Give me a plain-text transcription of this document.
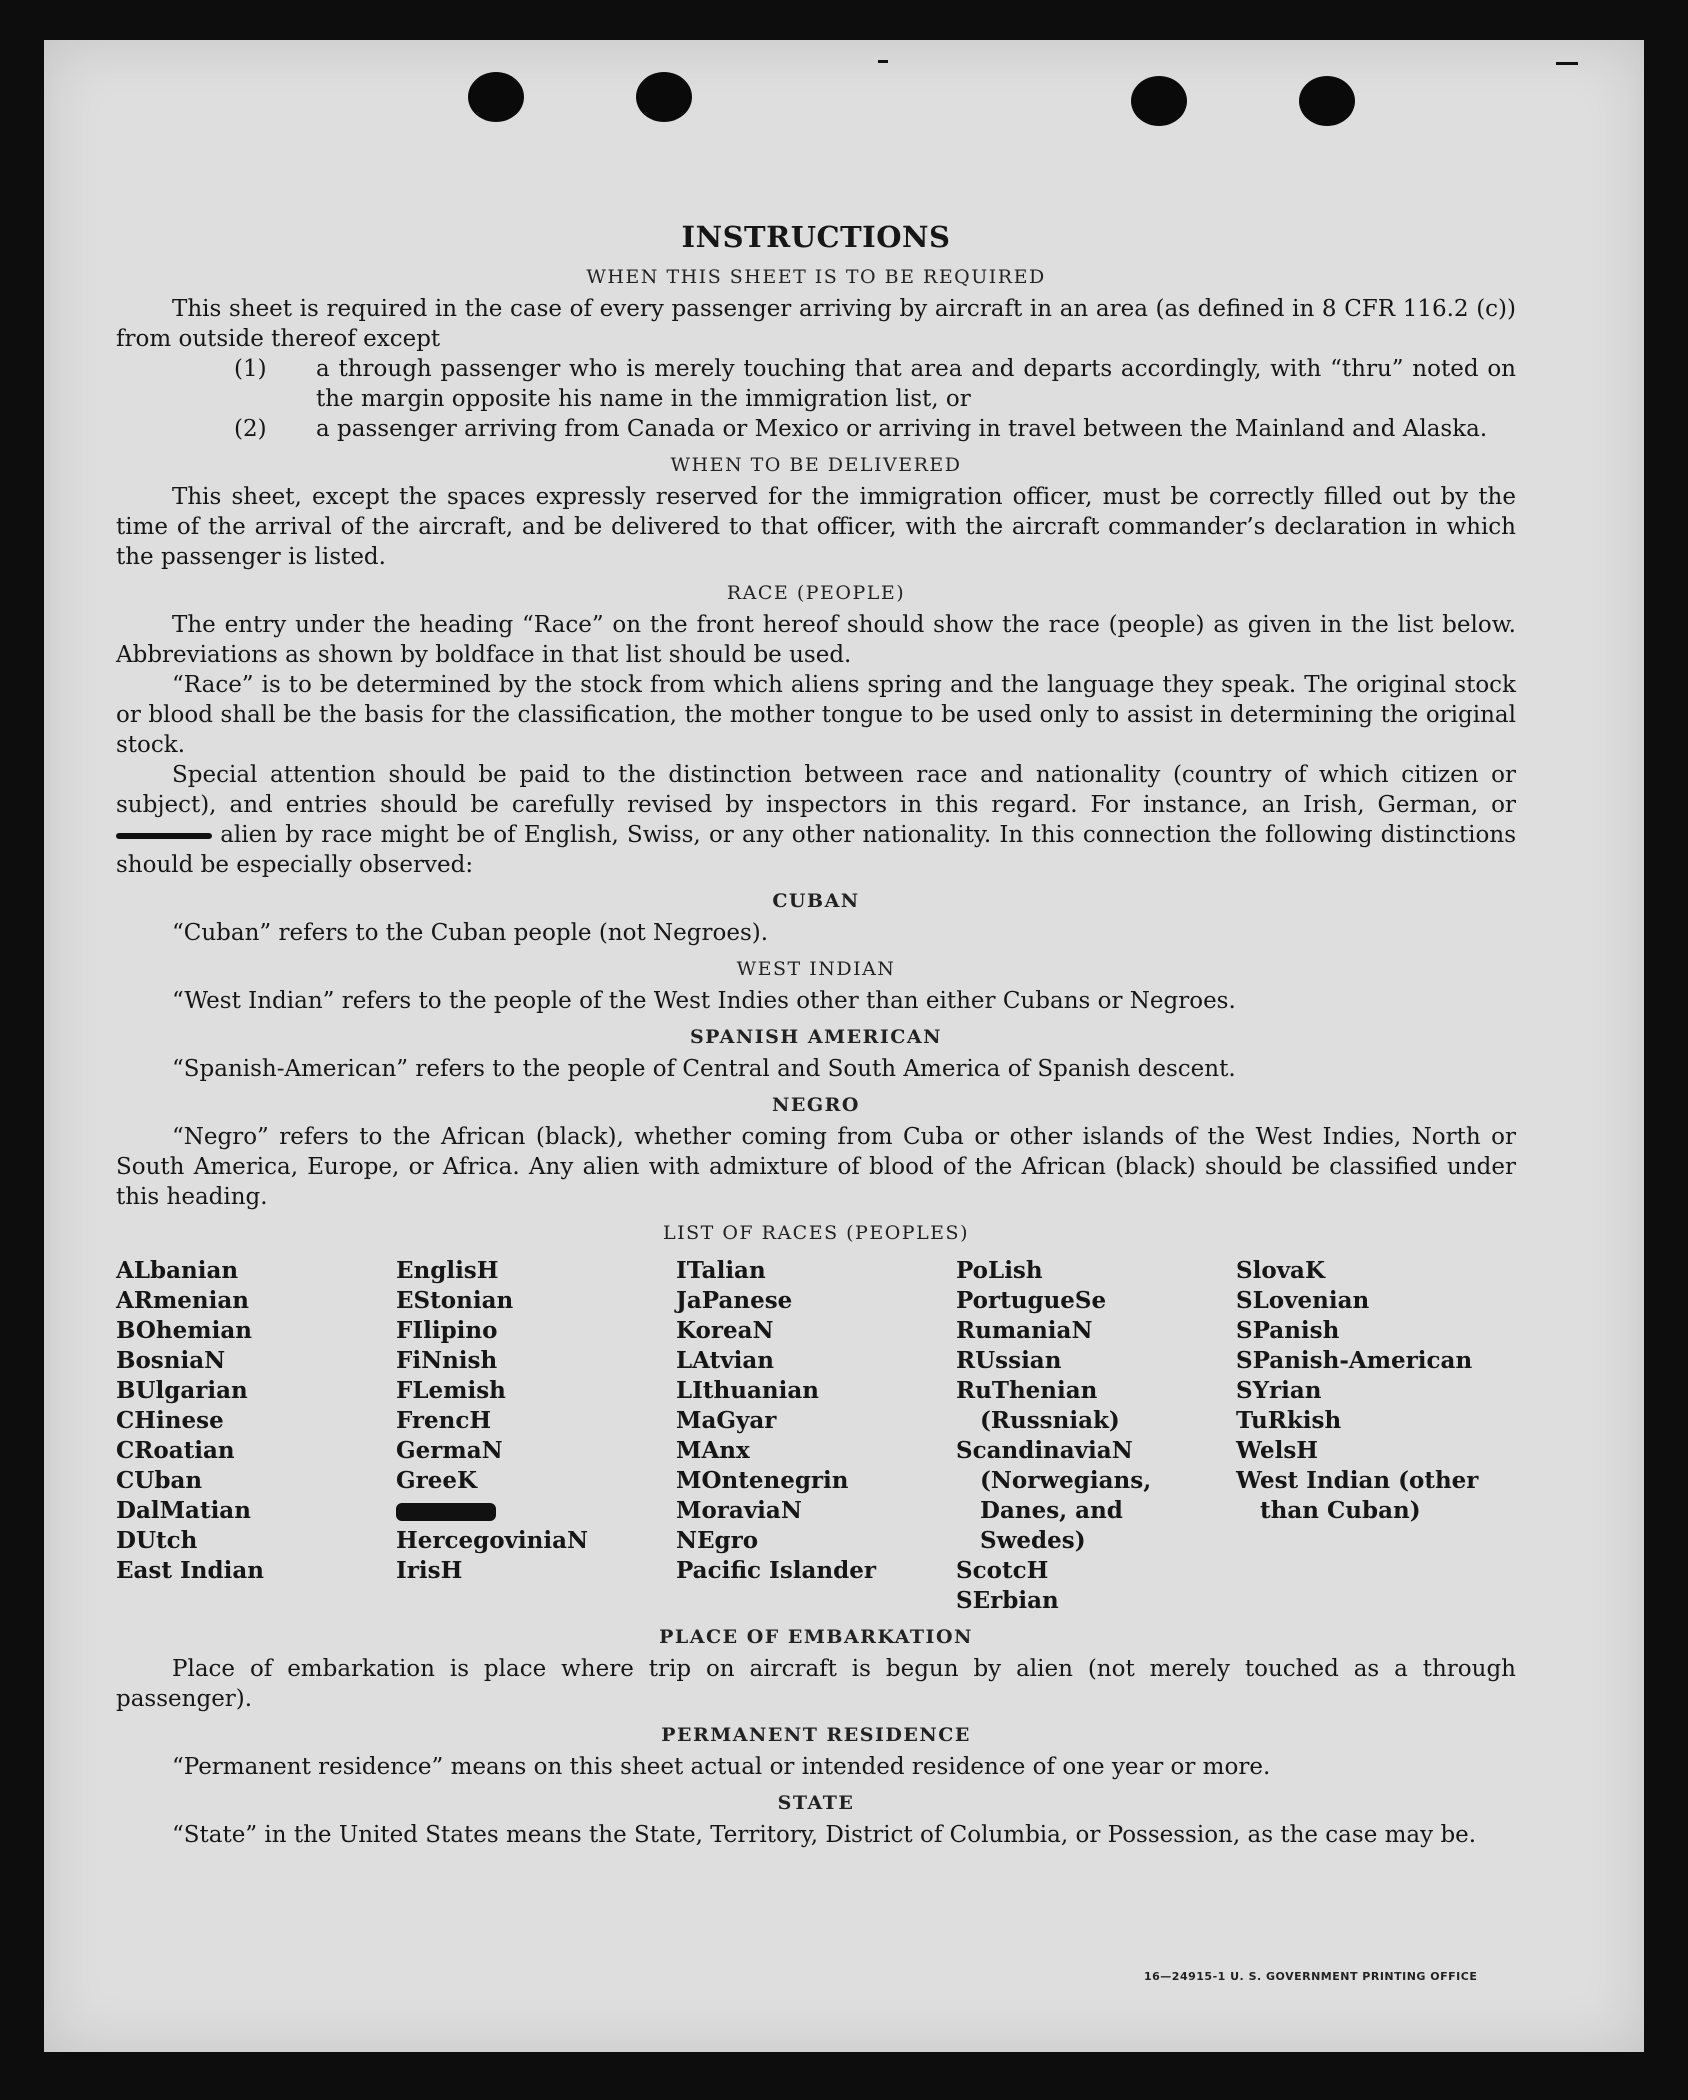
INSTRUCTIONS
WHEN THIS SHEET IS TO BE REQUIRED

This sheet is required in the case of every passenger arriving by aircraft in an area (as defined in 8 CFR 116.2 (c)) from outside thereof except

(1) a through passenger who is merely touching that area and departs accordingly, with “thru” noted on the margin opposite his name in the immigration list, or
(2) a passenger arriving from Canada or Mexico or arriving in travel between the Mainland and Alaska.
WHEN TO BE DELIVERED

This sheet, except the spaces expressly reserved for the immigration officer, must be correctly filled out by the time of the arrival of the aircraft, and be delivered to that officer, with the aircraft commander’s declaration in which the passenger is listed.

RACE (PEOPLE)

The entry under the heading “Race” on the front hereof should show the race (people) as given in the list below. Abbreviations as shown by boldface in that list should be used.

“Race” is to be determined by the stock from which aliens spring and the language they speak. The original stock or blood shall be the basis for the classification, the mother tongue to be used only to assist in determining the original stock.

Special attention should be paid to the distinction between race and nationality (country of which citizen or subject), and entries should be carefully revised by inspectors in this regard. For instance, an Irish, German, or  alien by race might be of English, Swiss, or any other nationality. In this connection the following distinctions should be especially observed:

CUBAN

“Cuban” refers to the Cuban people (not Negroes).

WEST INDIAN

“West Indian” refers to the people of the West Indies other than either Cubans or Negroes.

SPANISH AMERICAN

“Spanish-American” refers to the people of Central and South America of Spanish descent.

NEGRO

“Negro” refers to the African (black), whether coming from Cuba or other islands of the West Indies, North or South America, Europe, or Africa. Any alien with admixture of blood of the African (black) should be classified under this heading.

LIST OF RACES (PEOPLES)
ALbanian
ARmenian
BOhemian
BosniaN
BUlgarian
CHinese
CRoatian
CUban
DalMatian
DUtch
East Indian
EnglisH
EStonian
FIlipino
FiNnish
FLemish
FrencH
GermaN
GreeK
HercegoviniaN
IrisH
ITalian
JaPanese
KoreaN
LAtvian
LIthuanian
MaGyar
MAnx
MOntenegrin
MoraviaN
NEgro
Pacific Islander
PoLish
PortugueSe
RumaniaN
RUssian
RuThenian (Russniak)
ScandinaviaN (Norwegians, Danes, and Swedes)
ScotcH
SErbian
SlovaK
SLovenian
SPanish
SPanish-American
SYrian
TuRkish
WelsH
West Indian (other than Cuban)
PLACE OF EMBARKATION

Place of embarkation is place where trip on aircraft is begun by alien (not merely touched as a through passenger).

PERMANENT RESIDENCE

“Permanent residence” means on this sheet actual or intended residence of one year or more.

STATE

“State” in the United States means the State, Territory, District of Columbia, or Possession, as the case may be.

16—24915-1 U. S. GOVERNMENT PRINTING OFFICE
